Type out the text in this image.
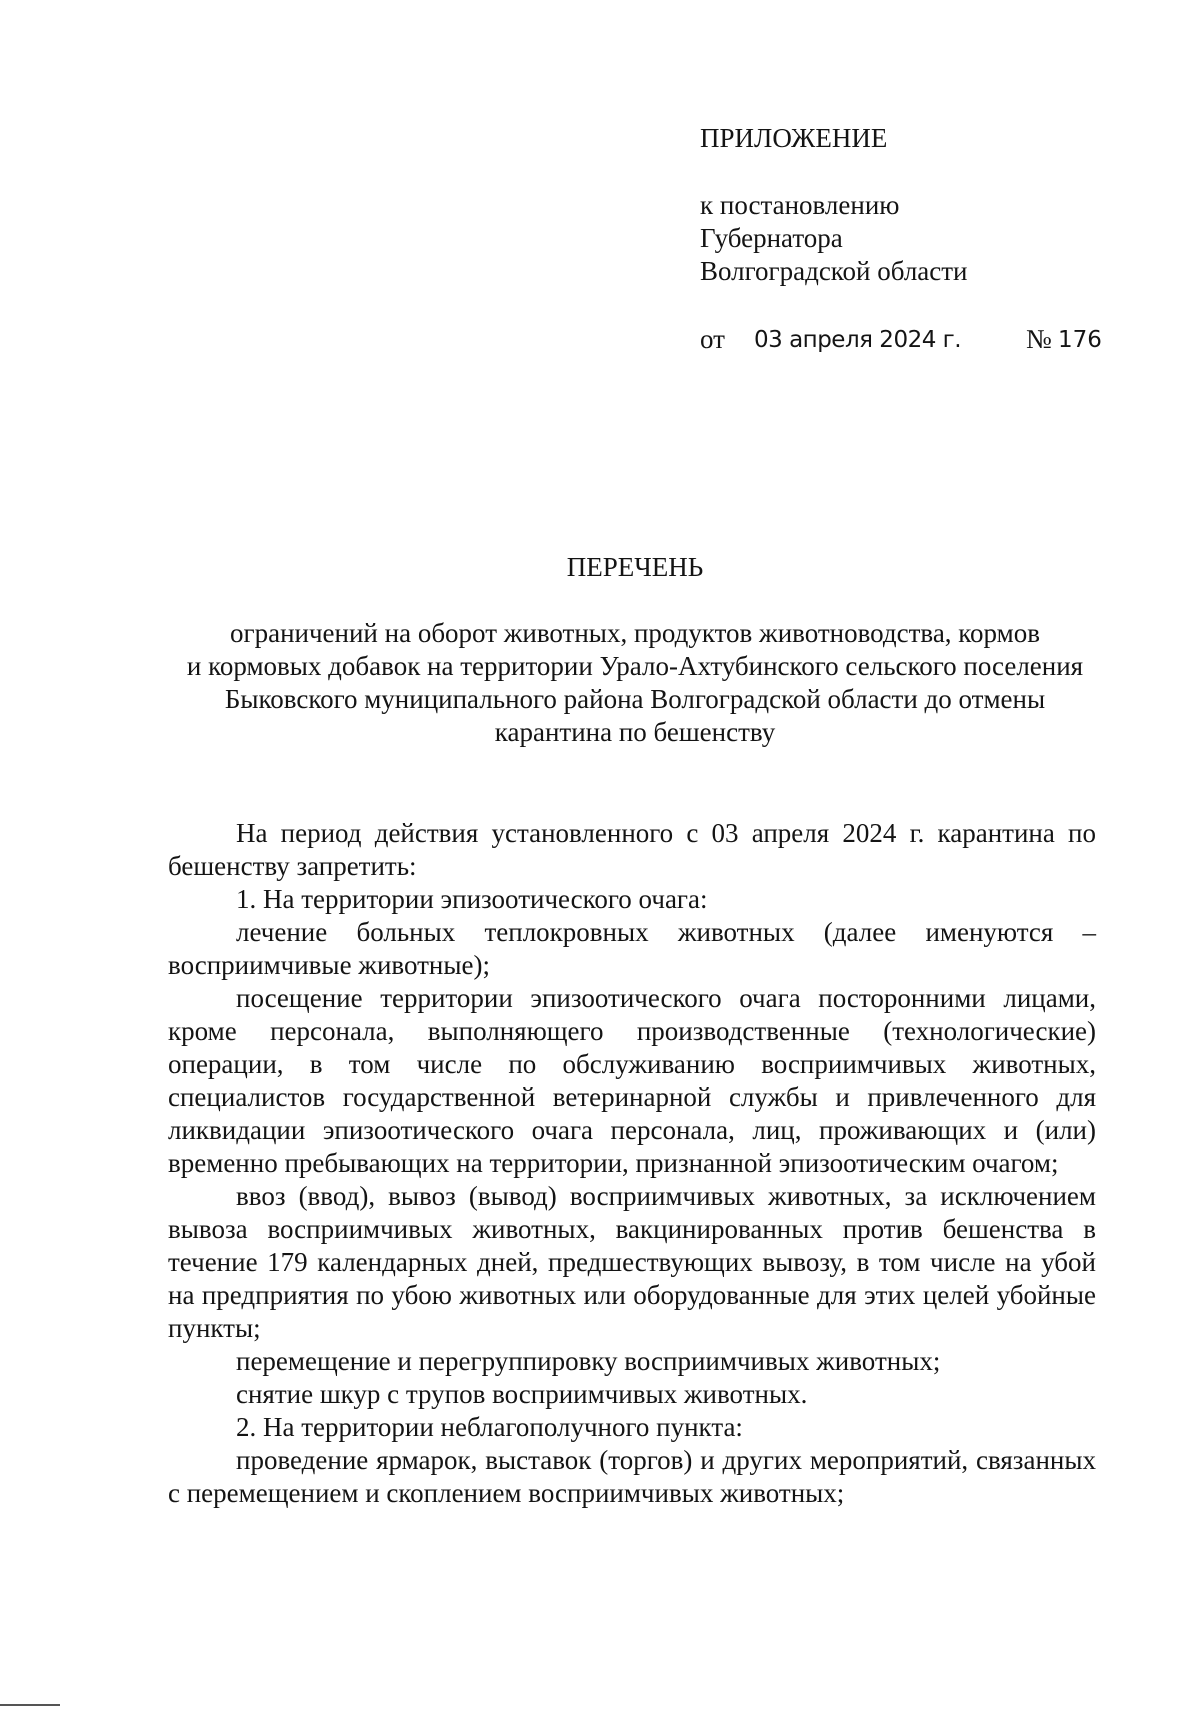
ПРИЛОЖЕНИЕ

к постановлению

Губернатора

Волгоградской области

от 03 апреля 2024 г. № 176
ПЕРЕЧЕНЬ
ограничений на оборот животных, продуктов животноводства, кормов
и кормовых добавок на территории Урало-Ахтубинского сельского поселения
Быковского муниципального района Волгоградской области до отмены
карантина по бешенству

На период действия установленного с 03 апреля 2024 г. карантина по бешенству запретить:

1. На территории эпизоотического очага:

лечение больных теплокровных животных (далее именуются – восприимчивые животные);

посещение территории эпизоотического очага посторонними лицами, кроме персонала, выполняющего производственные (технологические) операции, в том числе по обслуживанию восприимчивых животных, специалистов государственной ветеринарной службы и привлеченного для ликвидации эпизоотического очага персонала, лиц, проживающих и (или) временно пребывающих на территории, признанной эпизоотическим очагом;

ввоз (ввод), вывоз (вывод) восприимчивых животных, за исключением вывоза восприимчивых животных, вакцинированных против бешенства в течение 179 календарных дней, предшествующих вывозу, в том числе на убой на предприятия по убою животных или оборудованные для этих целей убойные пункты;

перемещение и перегруппировку восприимчивых животных;

снятие шкур с трупов восприимчивых животных.

2. На территории неблагополучного пункта:

проведение ярмарок, выставок (торгов) и других мероприятий, связанных с перемещением и скоплением восприимчивых животных;
